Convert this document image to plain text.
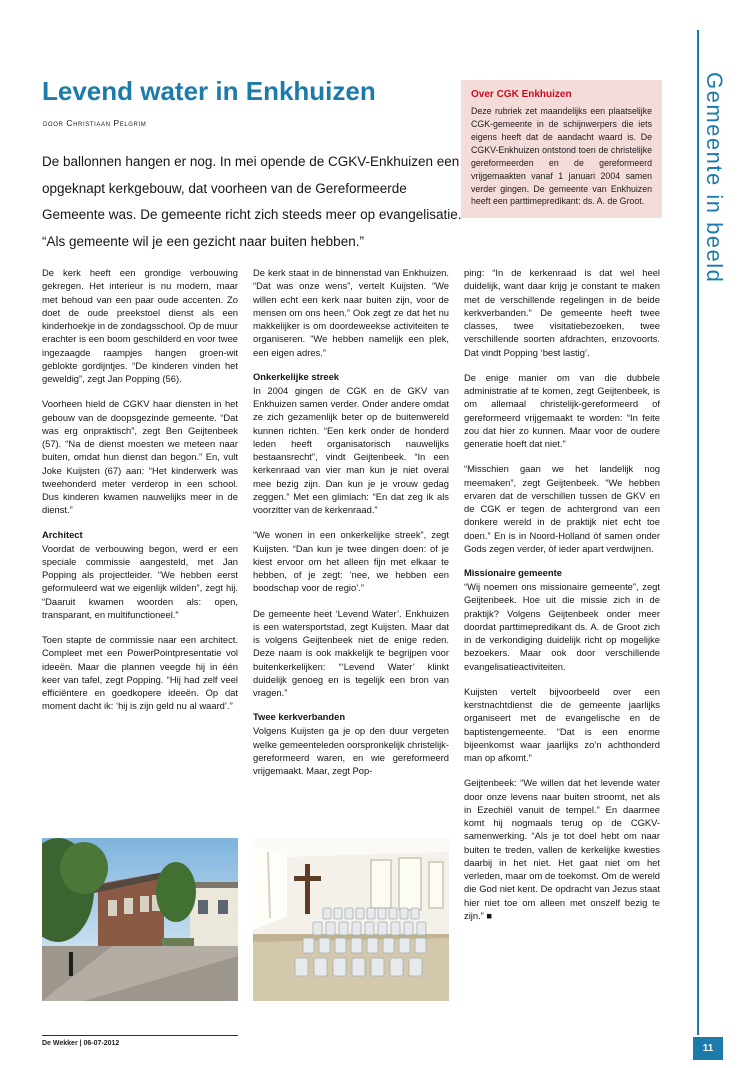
Gemeente in beeld
11
Levend water in Enkhuizen
door Christiaan Pelgrim

De ballonnen hangen er nog. In mei opende de CGKV-Enkhuizen een opgeknapt kerkgebouw, dat voorheen van de Gereformeerde Gemeente was. De gemeente richt zich steeds meer op evangelisatie. “Als gemeente wil je een gezicht naar buiten hebben.”

Over CGK Enkhuizen

Deze rubriek zet maandelijks een plaatselijke CGK-gemeente in de schijnwerpers die iets eigens heeft dat de aandacht waard is. De CGKV-Enkhuizen ontstond toen de christelijke gereformeerden en de gereformeerd vrijgemaakten vanaf 1 januari 2004 samen verder gingen. De gemeente van Enkhuizen heeft een parttimepredikant: ds. A. de Groot.

De kerk heeft een grondige verbouwing gekregen. Het interieur is nu modern, maar met behoud van een paar oude accenten. Zo doet de oude preekstoel dienst als een kinderhoekje in de zondagsschool. Op de muur erachter is een boom geschilderd en voor twee ingezaagde raampjes hangen groen-wit geblokte gordijntjes. “De kinderen vinden het geweldig”, zegt Jan Popping (56).

Voorheen hield de CGKV haar diensten in het gebouw van de doopsgezinde gemeente. “Dat was erg onpraktisch”, zegt Ben Geijtenbeek (57). “Na de dienst moesten we meteen naar buiten, omdat hun dienst dan begon.” En, vult Joke Kuijsten (67) aan: “Het kinderwerk was tweehonderd meter verderop in een school. Dus kinderen kwamen nauwelijks meer in de dienst.”

Architect

Voordat de verbouwing begon, werd er een speciale commissie aangesteld, met Jan Popping als projectleider. “We hebben eerst geformuleerd wat we eigenlijk wilden”, zegt hij. “Daaruit kwamen woorden als: open, transparant, en multifunctioneel.”

Toen stapte de commissie naar een architect. Compleet met een PowerPointpresentatie vol ideeën. Maar die plannen veegde hij in één keer van tafel, zegt Popping. “Hij had zelf veel efficiëntere en goedkopere ideeën. Op dat moment dacht ik: ‘hij is zijn geld nu al waard’.”

De kerk staat in de binnenstad van Enkhuizen. “Dat was onze wens”, vertelt Kuijsten. “We willen echt een kerk naar buiten zijn, voor de mensen om ons heen.” Ook zegt ze dat het nu makkelijker is om doordeweekse activiteiten te organiseren. “We hebben namelijk een plek, een eigen adres.”

Onkerkelijke streek

In 2004 gingen de CGK en de GKV van Enkhuizen samen verder. Onder andere omdat ze zich gezamenlijk beter op de buitenwereld kunnen richten. “Een kerk onder de honderd leden heeft organisatorisch nauwelijks bestaansrecht”, vindt Geijtenbeek. “In een kerkenraad van vier man kun je niet overal mee bezig zijn. Dan kun je je vrouw gedag zeggen.” Met een glimlach: “En dat zeg ik als voorzitter van de kerkenraad.”

“We wonen in een onkerkelijke streek”, zegt Kuijsten. “Dan kun je twee dingen doen: of je kiest ervoor om het alleen fijn met elkaar te hebben, of je zegt: ‘nee, we hebben een boodschap voor de regio’.”

De gemeente heet ‘Levend Water’. Enkhuizen is een watersportstad, zegt Kuijsten. Maar dat is volgens Geijtenbeek niet de enige reden. Deze naam is ook makkelijk te begrijpen voor buitenkerkelijken: “‘Levend Water’ klinkt duidelijk genoeg en is tegelijk een bron van vragen.”

Twee kerkverbanden

Volgens Kuijsten ga je op den duur vergeten welke gemeenteleden oorspronkelijk christelijk-gereformeerd waren, en wie gereformeerd vrijgemaakt. Maar, zegt Pop-

ping: “In de kerkenraad is dat wel heel duidelijk, want daar krijg je constant te maken met de verschillende regelingen in de beide kerkverbanden.” De gemeente heeft twee classes, twee visitatiebezoeken, twee verschillende soorten afdrachten, enzovoorts. Dat vindt Popping ‘best lastig’.

De enige manier om van die dubbele administratie af te komen, zegt Geijtenbeek, is om allemaal christelijk-gereformeerd of gereformeerd vrijgemaakt te worden: “In feite zou dat hier zo kunnen. Maar voor de oudere generatie hoeft dat niet.”

“Misschien gaan we het landelijk nog meemaken”, zegt Geijtenbeek. “We hebben ervaren dat de verschillen tussen de GKV en de CGK er tegen de achtergrond van een donkere wereld in de praktijk niet echt toe doen.” En is in Noord-Holland òf samen onder Gods zegen verder, òf ieder apart verdwijnen.

Missionaire gemeente

“Wij noemen ons missionaire gemeente”, zegt Geijtenbeek. Hoe uit die missie zich in de praktijk? Volgens Geijtenbeek onder meer doordat parttimepredikant ds. A. de Groot zich in de verkondiging duidelijk richt op mogelijke bezoekers. Maar ook door verschillende evangelisatieactiviteiten.

Kuijsten vertelt bijvoorbeeld over een kerstnachtdienst die de gemeente jaarlijks organiseert met de evangelische en de baptistengemeente. “Dat is een enorme bijeenkomst waar jaarlijks zo’n achthonderd man op afkomt.”

Geijtenbeek: “We willen dat het levende water door onze levens naar buiten stroomt, net als in Ezechiël vanuit de tempel.” En daarmee komt hij nogmaals terug op de CGKV-samenwerking. “Als je tot doel hebt om naar buiten te treden, vallen de kerkelijke kwesties daarbij in het niet. Het gaat niet om het verleden, maar om de toekomst. Om de wereld die God niet kent. De opdracht van Jezus staat hier niet toe om alleen met onszelf bezig te zijn.” ■

De Wekker | 06-07-2012
